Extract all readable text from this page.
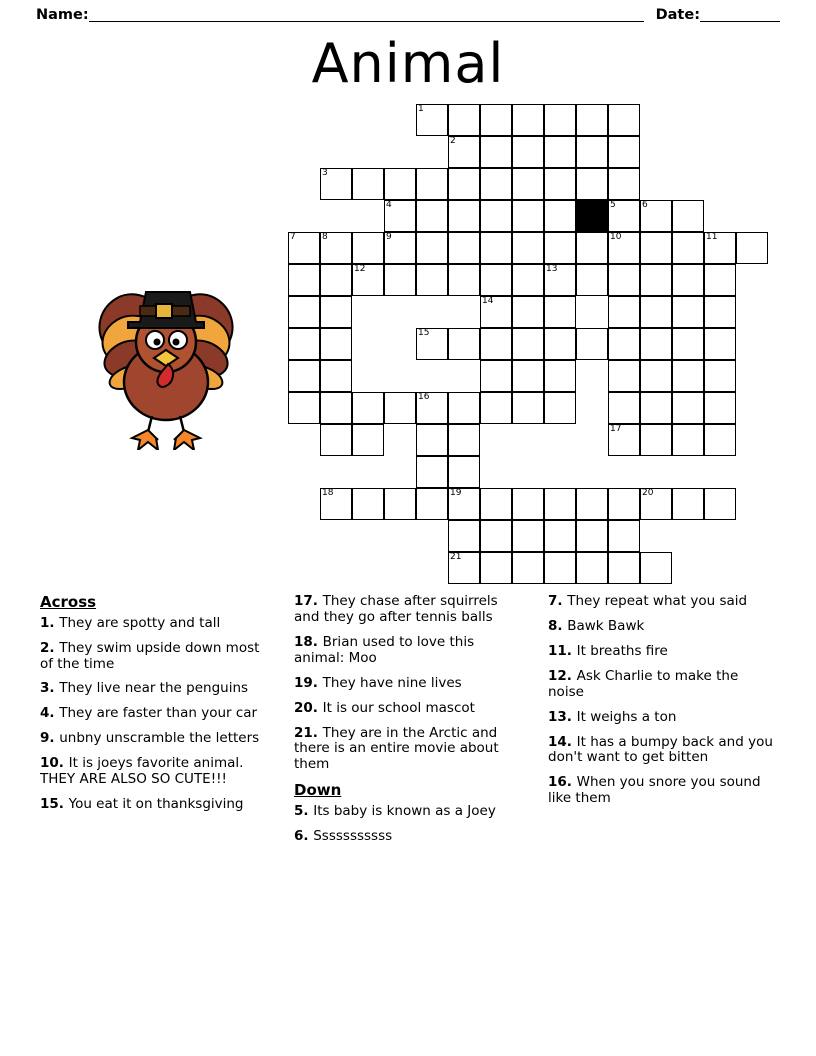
Name:	Date:
Animal
1
2
3
4	5	6
7	8	9	10	11
12	13
14
15
16
17
18	19	20
21
Across
1. They are spotty and tall
2. They swim upside down most of the time
3. They live near the penguins
4. They are faster than your car
9. unbny unscramble the letters
10. It is joeys favorite animal. THEY ARE ALSO SO CUTE!!!
15. You eat it on thanksgiving
17. They chase after squirrels and they go after tennis balls
18. Brian used to love this animal: Moo
19. They have nine lives
20. It is our school mascot
21. They are in the Arctic and there is an entire movie about them
Down
5. Its baby is known as a Joey
6. Sssssssssss
7. They repeat what you said
8. Bawk Bawk
11. It breaths fire
12. Ask Charlie to make the noise
13. It weighs a ton
14. It has a bumpy back and you don't want to get bitten
16. When you snore you sound like them
